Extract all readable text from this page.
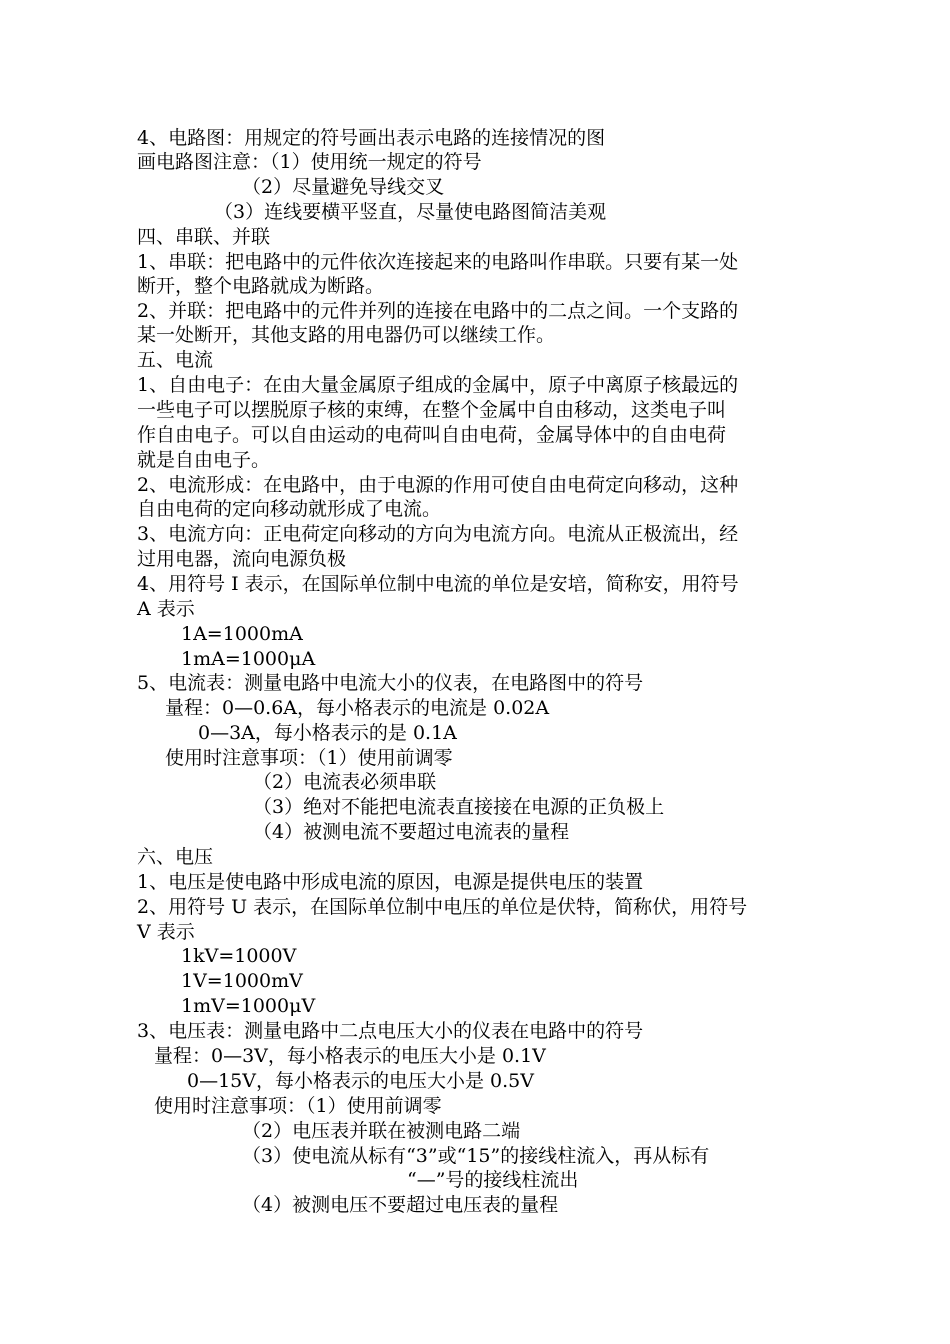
4、电路图：用规定的符号画出表示电路的连接情况的图
画电路图注意：（1）使用统一规定的符号
（2）尽量避免导线交叉
（3）连线要横平竖直，尽量使电路图简洁美观
四、串联、并联
1、串联：把电路中的元件依次连接起来的电路叫作串联。只要有某一处
断开，整个电路就成为断路。
2、并联：把电路中的元件并列的连接在电路中的二点之间。一个支路的
某一处断开，其他支路的用电器仍可以继续工作。
五、电流
1、自由电子：在由大量金属原子组成的金属中，原子中离原子核最远的
一些电子可以摆脱原子核的束缚，在整个金属中自由移动，这类电子叫
作自由电子。可以自由运动的电荷叫自由电荷，金属导体中的自由电荷
就是自由电子。
2、电流形成：在电路中，由于电源的作用可使自由电荷定向移动，这种
自由电荷的定向移动就形成了电流。
3、电流方向：正电荷定向移动的方向为电流方向。电流从正极流出，经
过用电器，流向电源负极
4、用符号 I 表示，在国际单位制中电流的单位是安培，简称安，用符号
A 表示
1A=1000mA
1mA=1000μA
5、电流表：测量电路中电流大小的仪表，在电路图中的符号
量程：0—0.6A，每小格表示的电流是 0.02A
0—3A，每小格表示的是 0.1A
使用时注意事项：（1）使用前调零
（2）电流表必须串联
（3）绝对不能把电流表直接接在电源的正负极上
（4）被测电流不要超过电流表的量程
六、电压
1、电压是使电路中形成电流的原因，电源是提供电压的装置
2、用符号 U 表示，在国际单位制中电压的单位是伏特，简称伏，用符号
V 表示
1kV=1000V
1V=1000mV
1mV=1000μV
3、电压表：测量电路中二点电压大小的仪表在电路中的符号
量程：0—3V，每小格表示的电压大小是 0.1V
0—15V，每小格表示的电压大小是 0.5V
使用时注意事项：（1）使用前调零
（2）电压表并联在被测电路二端
（3）使电流从标有“3”或“15”的接线柱流入，再从标有
“—”号的接线柱流出
（4）被测电压不要超过电压表的量程
